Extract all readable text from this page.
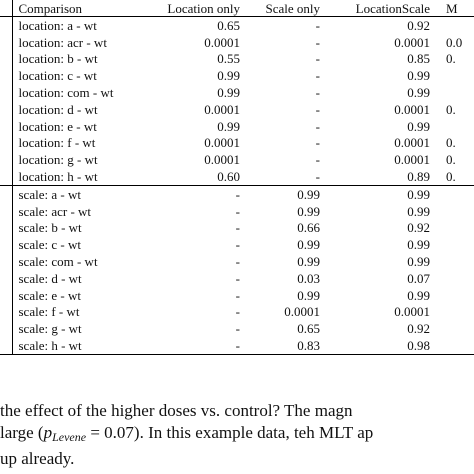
	Comparison	Location only	Scale only	LocationScale	M
	location: a - wt	0.65	-	0.92	
	location: acr - wt	0.0001	-	0.0001	0.0
	location: b - wt	0.55	-	0.85	0.
	location: c - wt	0.99	-	0.99	
	location: com - wt	0.99	-	0.99	
	location: d - wt	0.0001	-	0.0001	0.
	location: e - wt	0.99	-	0.99	
	location: f - wt	0.0001	-	0.0001	0.
	location: g - wt	0.0001	-	0.0001	0.
	location: h - wt	0.60	-	0.89	0.
	scale: a - wt	-	0.99	0.99	
	scale: acr - wt	-	0.99	0.99	
	scale: b - wt	-	0.66	0.92	
	scale: c - wt	-	0.99	0.99	
	scale: com - wt	-	0.99	0.99	
	scale: d - wt	-	0.03	0.07	
	scale: e - wt	-	0.99	0.99	
	scale: f - wt	-	0.0001	0.0001	
	scale: g - wt	-	0.65	0.92	
	scale: h - wt	-	0.83	0.98	

the effect of the higher doses vs. control? The magn

large $(p_{Levene} = 0.07)$. In this example data, teh MLT ap

up already.
